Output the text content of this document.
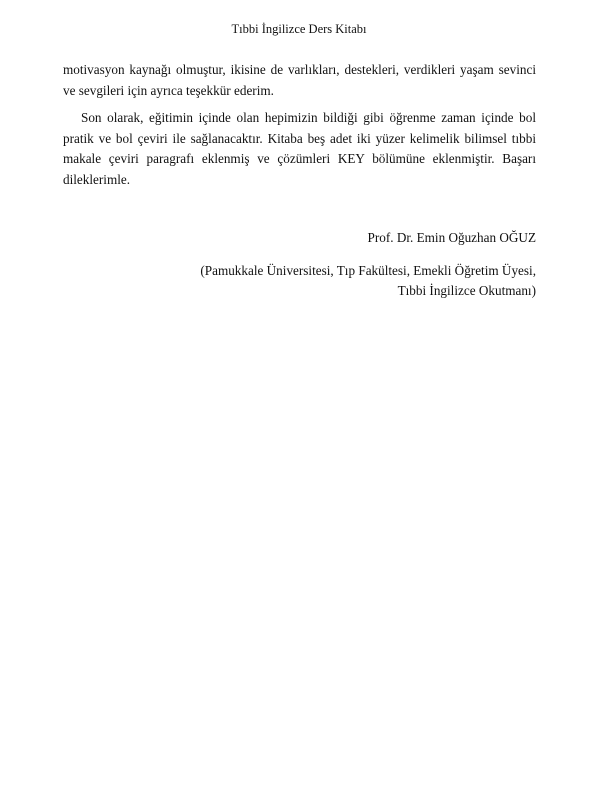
Tıbbi İngilizce Ders Kitabı

motivasyon kaynağı olmuştur, ikisine de varlıkları, destekleri, verdikleri yaşam sevinci ve sevgileri için ayrıca teşekkür ederim.

Son olarak, eğitimin içinde olan hepimizin bildiği gibi öğrenme zaman içinde bol pratik ve bol çeviri ile sağlanacaktır. Kitaba beş adet iki yüzer kelimelik bilimsel tıbbi makale çeviri paragrafı eklenmiş ve çözümleri KEY bölümüne eklenmiştir. Başarı dileklerimle.

Prof. Dr. Emin Oğuzhan OĞUZ

(Pamukkale Üniversitesi, Tıp Fakültesi, Emekli Öğretim Üyesi,
Tıbbi İngilizce Okutmanı)
